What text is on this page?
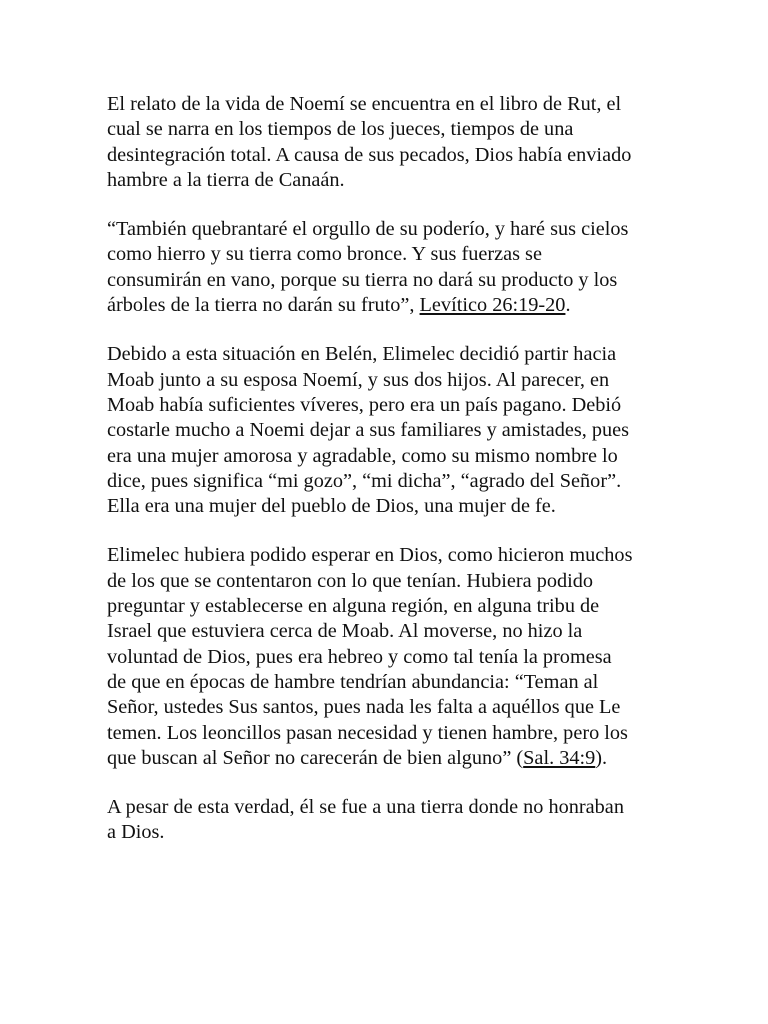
El relato de la vida de Noemí se encuentra en el libro de Rut, el
cual se narra en los tiempos de los jueces, tiempos de una
desintegración total. A causa de sus pecados, Dios había enviado
hambre a la tierra de Canaán.

“También quebrantaré el orgullo de su poderío, y haré sus cielos
como hierro y su tierra como bronce. Y sus fuerzas se
consumirán en vano, porque su tierra no dará su producto y los
árboles de la tierra no darán su fruto”, Levítico 26:19-20.

Debido a esta situación en Belén, Elimelec decidió partir hacia
Moab junto a su esposa Noemí, y sus dos hijos. Al parecer, en
Moab había suficientes víveres, pero era un país pagano. Debió
costarle mucho a Noemi dejar a sus familiares y amistades, pues
era una mujer amorosa y agradable, como su mismo nombre lo
dice, pues significa “mi gozo”, “mi dicha”, “agrado del Señor”.
Ella era una mujer del pueblo de Dios, una mujer de fe.

Elimelec hubiera podido esperar en Dios, como hicieron muchos
de los que se contentaron con lo que tenían. Hubiera podido
preguntar y establecerse en alguna región, en alguna tribu de
Israel que estuviera cerca de Moab. Al moverse, no hizo la
voluntad de Dios, pues era hebreo y como tal tenía la promesa
de que en épocas de hambre tendrían abundancia: “Teman al
Señor, ustedes Sus santos, pues nada les falta a aquéllos que Le
temen. Los leoncillos pasan necesidad y tienen hambre, pero los
que buscan al Señor no carecerán de bien alguno” (Sal. 34:9).

A pesar de esta verdad, él se fue a una tierra donde no honraban
a Dios.
